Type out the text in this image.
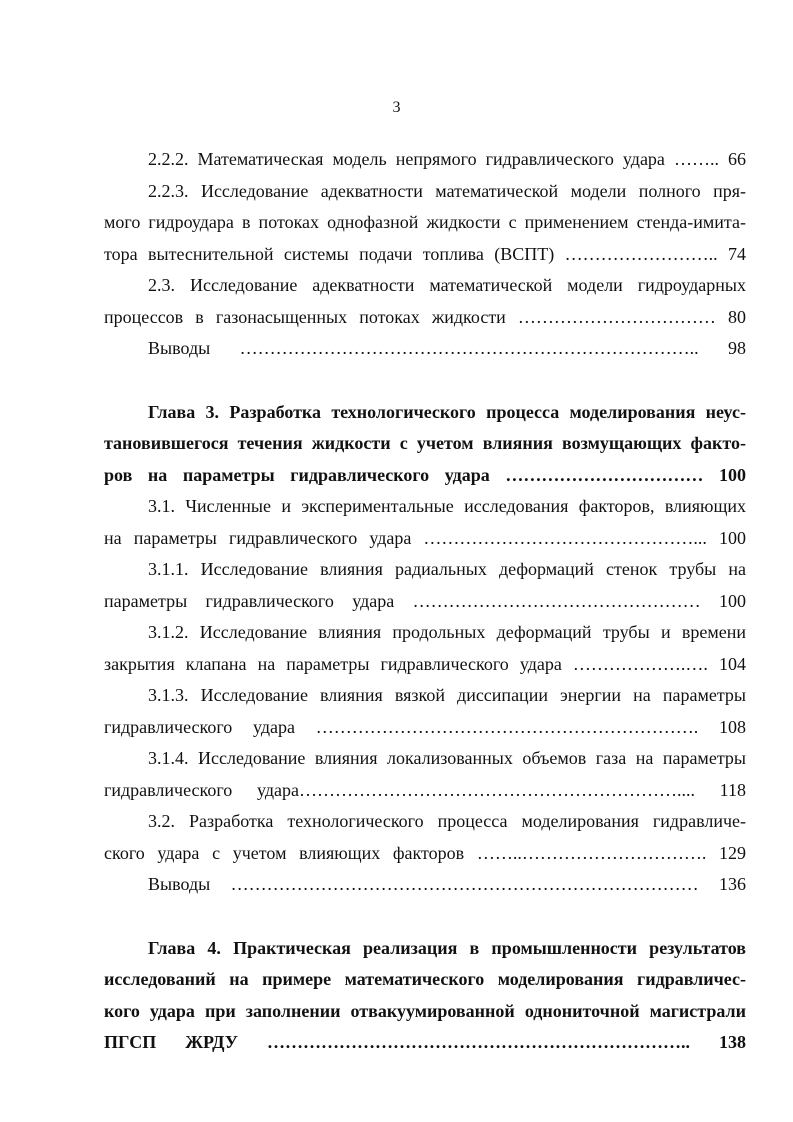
3

2.2.2. Математическая модель непрямого гидравлического удара …….. 66

2.2.3. Исследование адекватности математической модели полного пря-

мого гидроудара в потоках однофазной жидкости с применением стенда-имита-

тора вытеснительной системы подачи топлива (ВСПТ) …………………….. 74

2.3. Исследование адекватности математической модели гидроударных

процессов в газонасыщенных потоках жидкости …………………………… 80

Выводы ………………………………………………………………….. 98

Глава 3. Разработка технологического процесса моделирования неус-

тановившегося течения жидкости с учетом влияния возмущающих факто-

ров на параметры гидравлического удара …………………………… 100

3.1. Численные и экспериментальные исследования факторов, влияющих

на параметры гидравлического удара ………………………………………... 100

3.1.1. Исследование влияния радиальных деформаций стенок трубы на

параметры гидравлического удара ………………………………………… 100

3.1.2. Исследование влияния продольных деформаций трубы и времени

закрытия клапана на параметры гидравлического удара ……………….…. 104

3.1.3. Исследование влияния вязкой диссипации энергии на параметры

гидравлического удара ………………………………………………………. 108

3.1.4. Исследование влияния локализованных объемов газа на параметры

гидравлического удара……………………………………………………….... 118

3.2. Разработка технологического процесса моделирования гидравличе-

ского удара с учетом влияющих факторов ……..…………………………. 129

Выводы …………………………………………………………………… 136

Глава 4. Практическая реализация в промышленности результатов

исследований на примере математического моделирования гидравличес-

кого удара при заполнении отвакуумированной однониточной магистрали

ПГСП ЖРДУ …………………………………………………………….. 138
